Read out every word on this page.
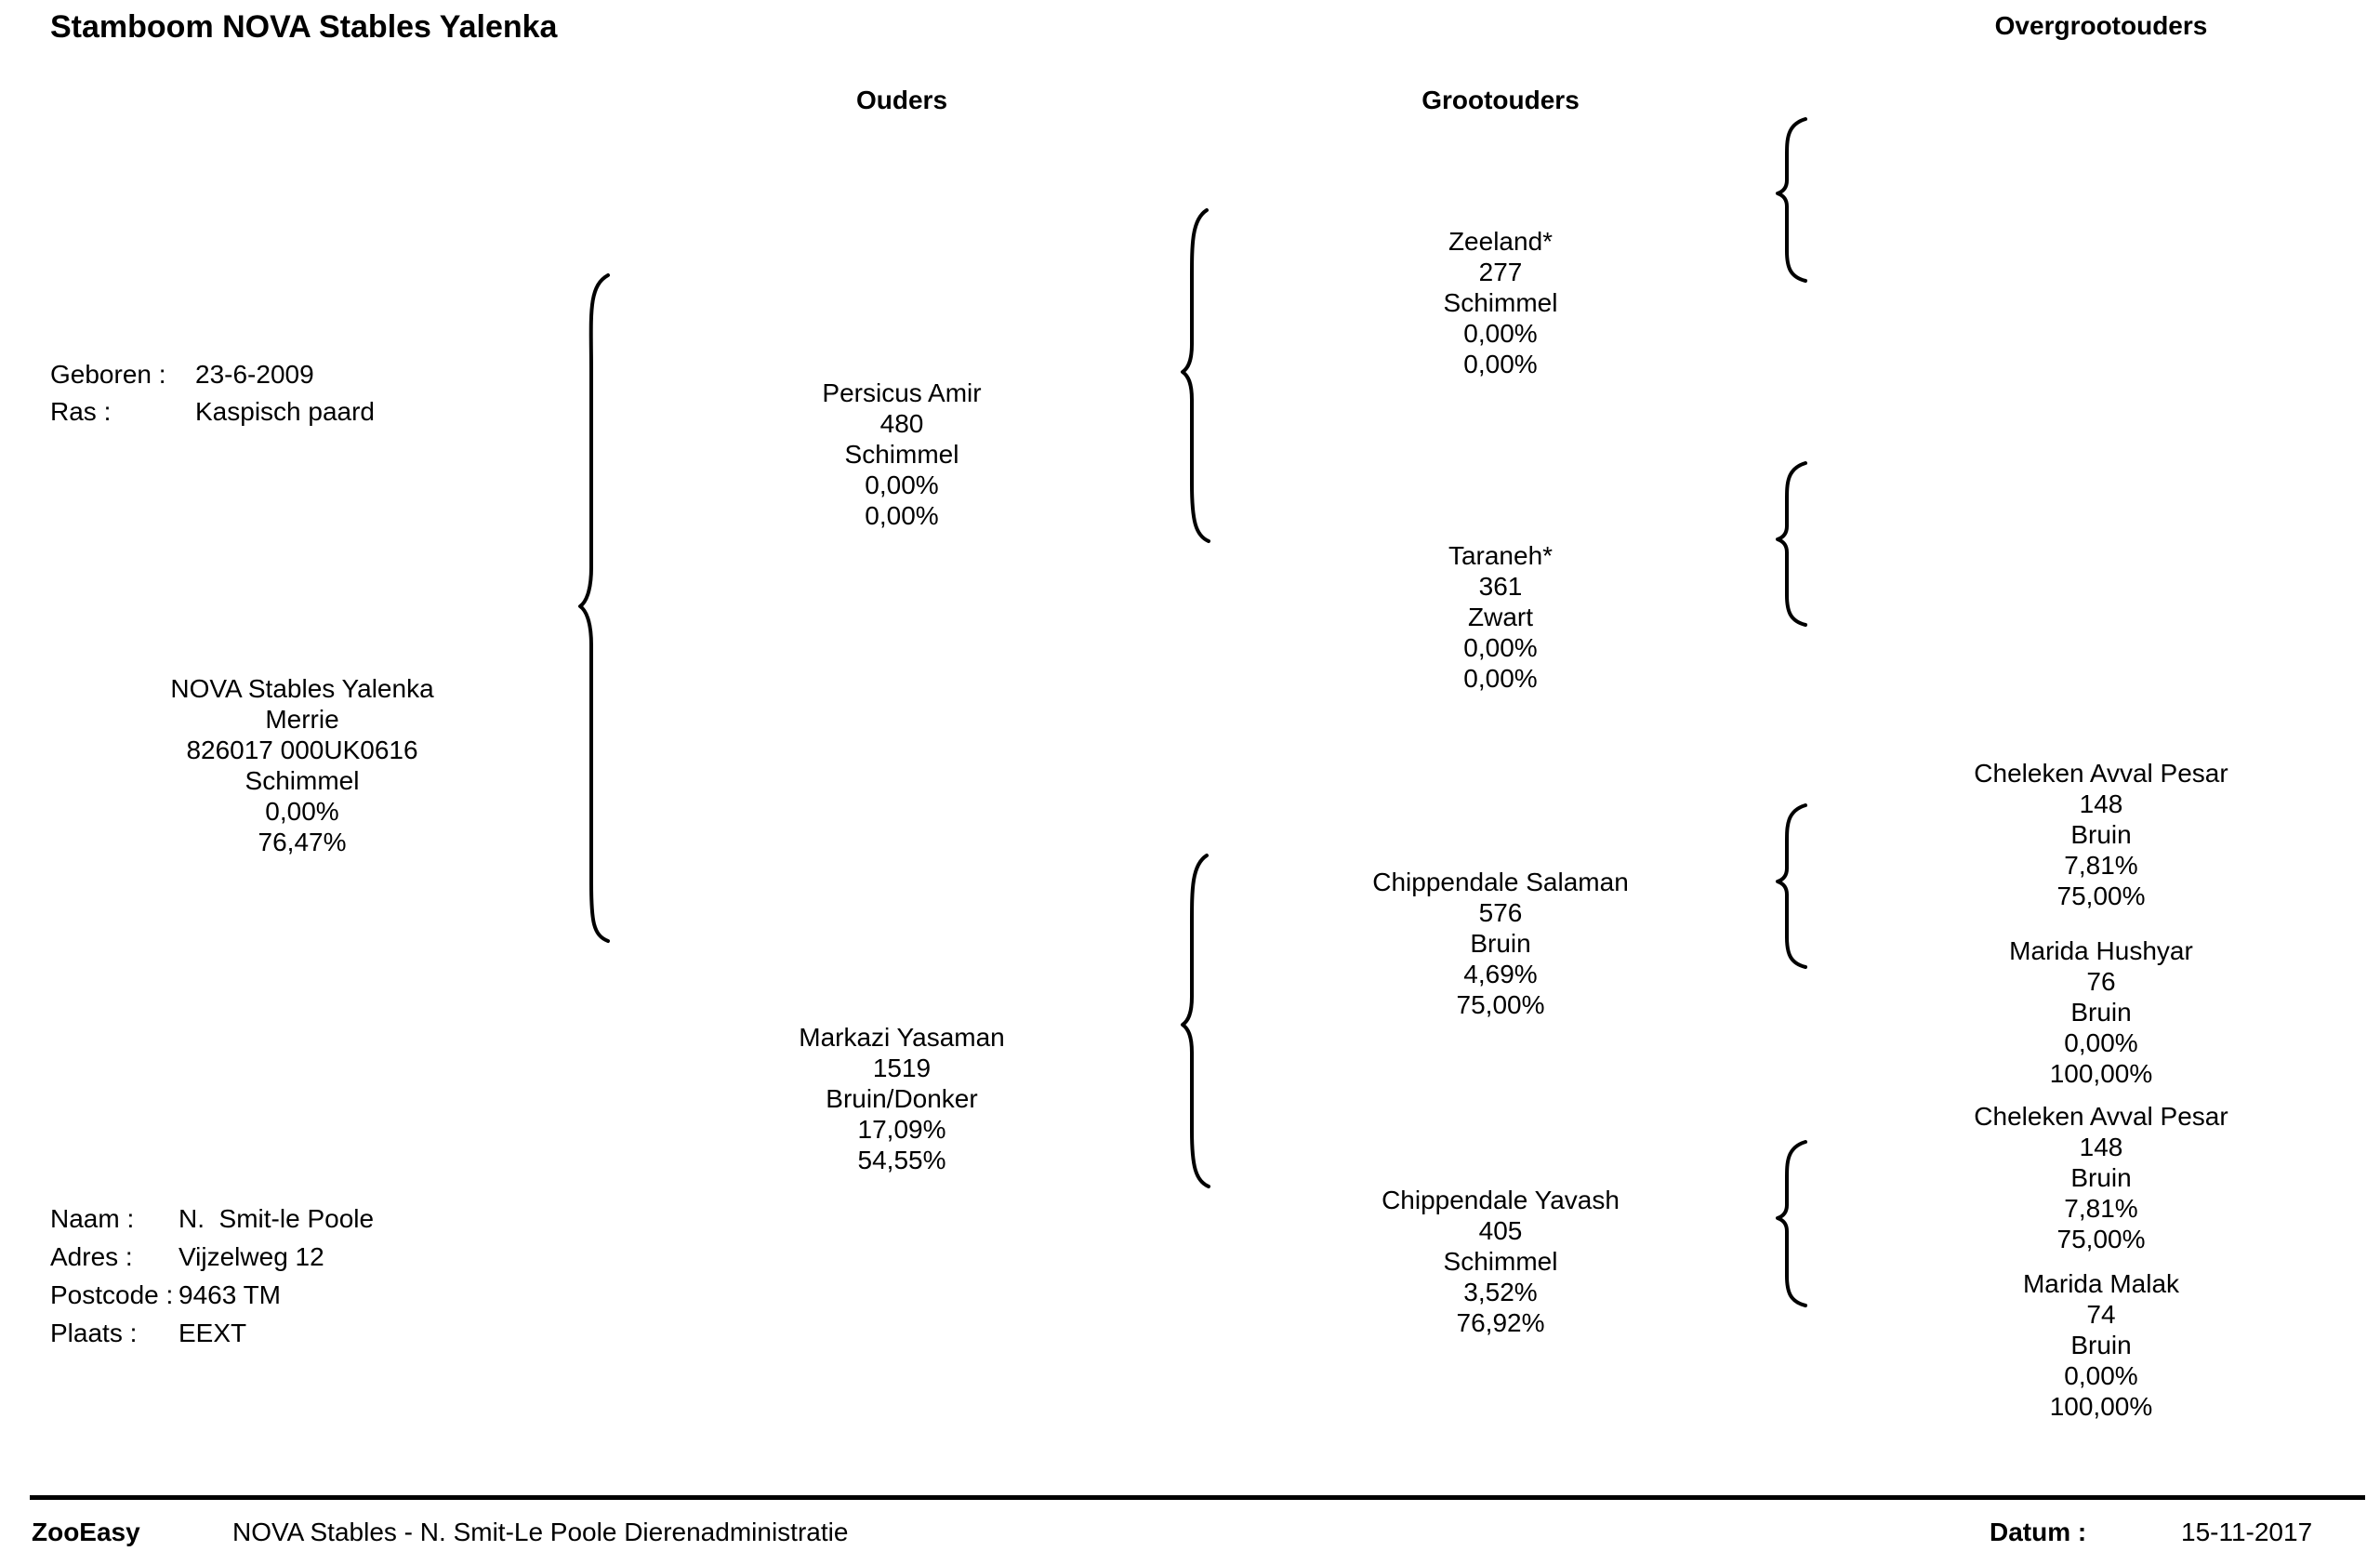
Stamboom NOVA Stables Yalenka
Ouders	Grootouders
Overgrootouders
Geboren : 23-6-2009
Ras :	Kaspisch paard
NOVA Stables Yalenka
Merrie
826017 000UK0616
Schimmel
0,00%
76,47%
Persicus Amir
480
Schimmel
0,00%
0,00%
Markazi Yasaman
1519
Bruin/Donker
17,09%
54,55%
Zeeland*
277
Schimmel
0,00%
0,00%
Taraneh*
361
Zwart
0,00%
0,00%
Chippendale Salaman
576
Bruin
4,69%
75,00%
Chippendale Yavash
405
Schimmel
3,52%
76,92%
Cheleken Avval Pesar
148
Bruin
7,81%
75,00%
Marida Hushyar
76
Bruin
0,00%
100,00%
Cheleken Avval Pesar
148
Bruin
7,81%
75,00%
Marida Malak
74
Bruin
0,00%
100,00%
Naam : N.  Smit-le Poole
Adres : Vijzelweg 12
Postcode : 9463 TM
Plaats : EEXT
ZooEasy	NOVA Stables - N. Smit-Le Poole Dierenadministratie	Datum :	15-11-2017
